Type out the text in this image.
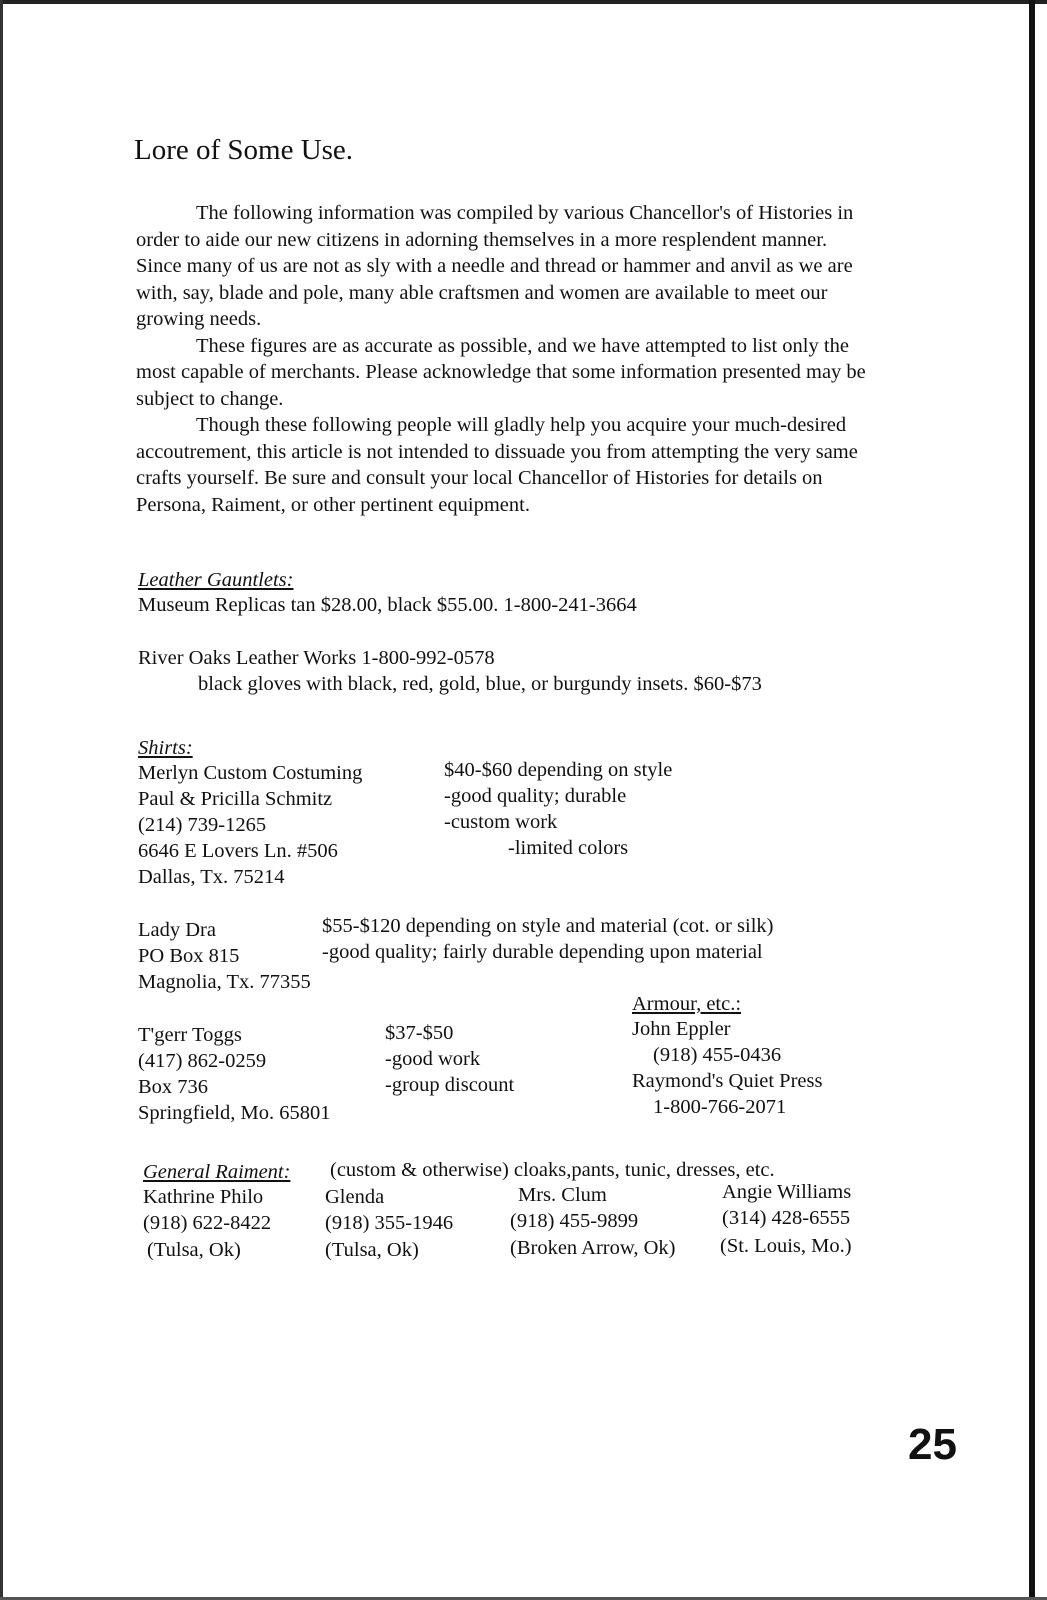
Lore of Some Use.

The following information was compiled by various Chancellor's of Histories in order to aide our new citizens in adorning themselves in a more resplendent manner. Since many of us are not as sly with a needle and thread or hammer and anvil as we are with, say, blade and pole, many able craftsmen and women are available to meet our growing needs.

These figures are as accurate as possible, and we have attempted to list only the most capable of merchants. Please acknowledge that some information presented may be subject to change.

Though these following people will gladly help you acquire your much-desired accoutrement, this article is not intended to dissuade you from attempting the very same crafts yourself. Be sure and consult your local Chancellor of Histories for details on Persona, Raiment, or other pertinent equipment.

Leather Gauntlets:
Museum Replicas tan $28.00, black $55.00. 1-800-241-3664
River Oaks Leather Works 1-800-992-0578
black gloves with black, red, gold, blue, or burgundy insets. $60-$73
Shirts:
Merlyn Custom Costuming
Paul & Pricilla Schmitz
(214) 739-1265
6646 E Lovers Ln. #506
Dallas, Tx. 75214
$40-$60 depending on style
-good quality; durable
-custom work
-limited colors
Lady Dra
PO Box 815
Magnolia, Tx. 77355
$55-$120 depending on style and material (cot. or silk)
-good quality; fairly durable depending upon material
T'gerr Toggs
(417) 862-0259
Box 736
Springfield, Mo. 65801
$37-$50
-good work
-group discount
Armour, etc.:
John Eppler
(918) 455-0436
Raymond's Quiet Press
1-800-766-2071
General Raiment: (custom & otherwise) cloaks,pants, tunic, dresses, etc.
Kathrine Philo
(918) 622-8422
(Tulsa, Ok)
Glenda
(918) 355-1946
(Tulsa, Ok)
Mrs. Clum
(918) 455-9899
(Broken Arrow, Ok)
Angie Williams
(314) 428-6555
(St. Louis, Mo.)
25
